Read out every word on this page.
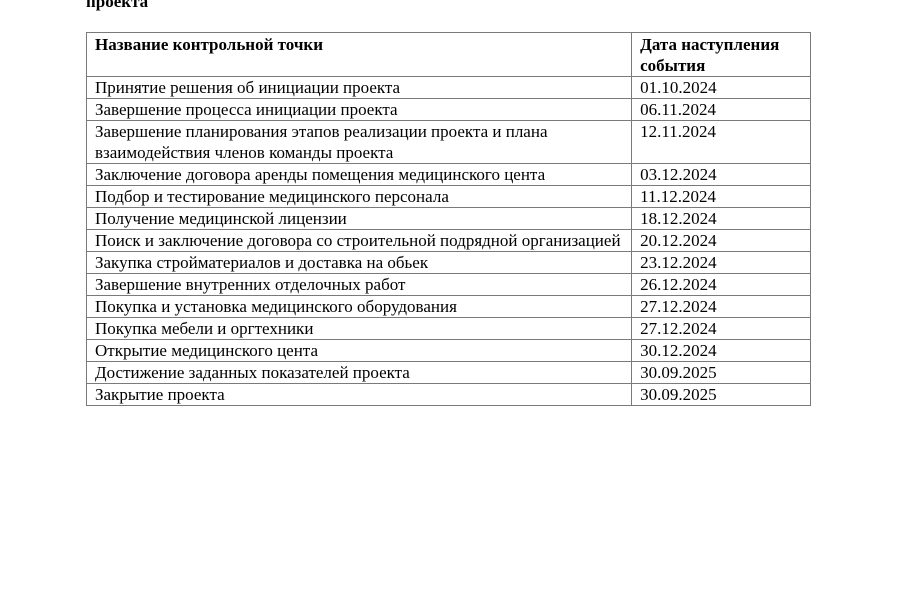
проекта
Название контрольной точки	Дата наступления события
Принятие решения об инициации проекта	01.10.2024
Завершение процесса инициации проекта	06.11.2024
Завершение планирования этапов реализации проекта и плана взаимодействия членов команды проекта	12.11.2024
Заключение договора аренды помещения медицинского цента	03.12.2024
Подбор и тестирование медицинского персонала	11.12.2024
Получение медицинской лицензии	18.12.2024
Поиск и заключение договора со строительной подрядной организацией	20.12.2024
Закупка стройматериалов и доставка на обьек	23.12.2024
Завершение внутренних отделочных работ	26.12.2024
Покупка и установка медицинского оборудования	27.12.2024
Покупка мебели и оргтехники	27.12.2024
Открытие медицинского цента	30.12.2024
Достижение заданных показателей проекта	30.09.2025
Закрытие проекта	30.09.2025
